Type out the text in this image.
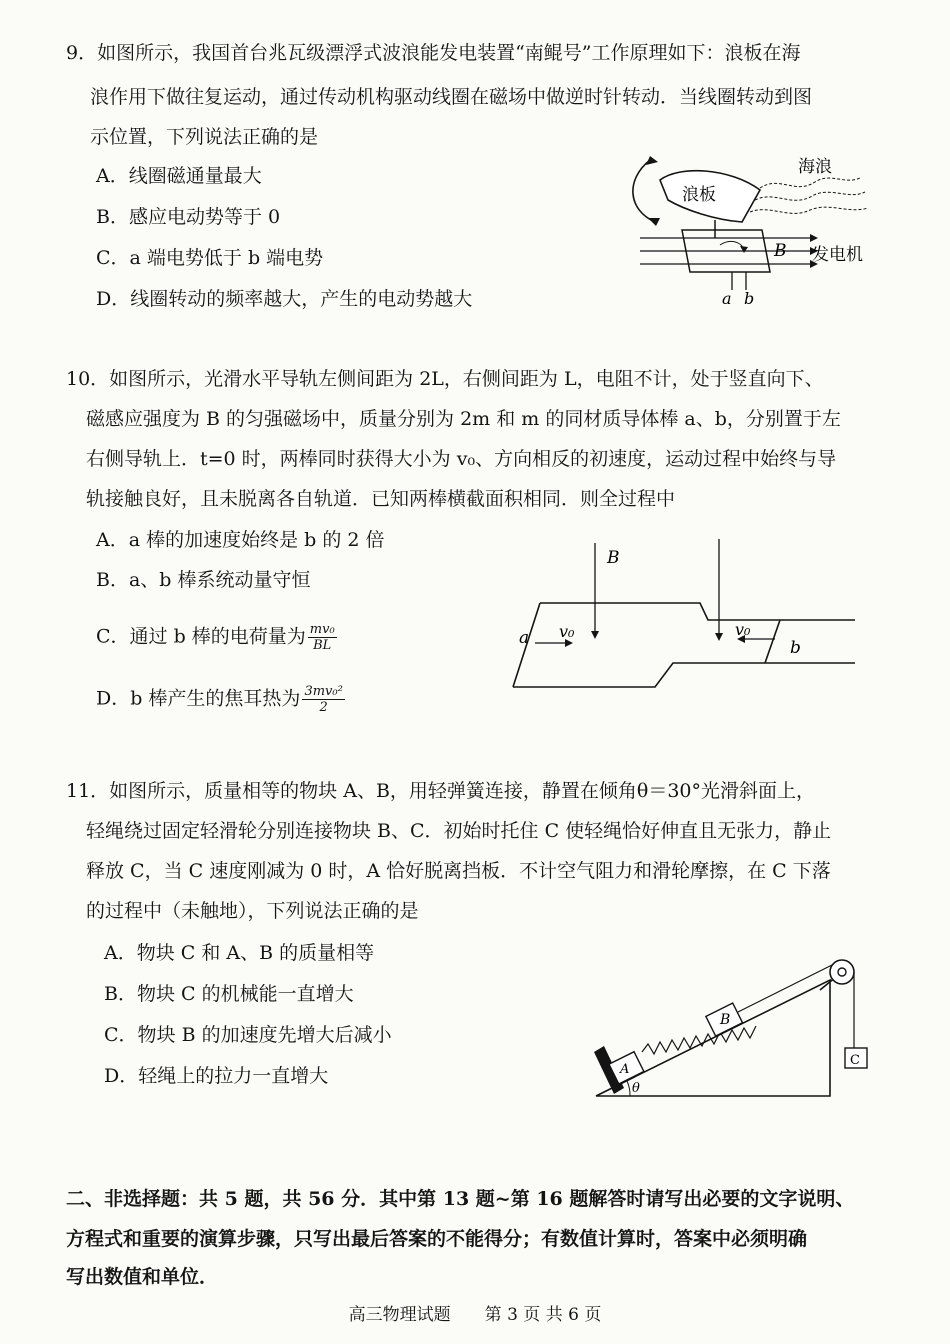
9．如图所示，我国首台兆瓦级漂浮式波浪能发电装置“南鲲号”工作原理如下：浪板在海
浪作用下做往复运动，通过传动机构驱动线圈在磁场中做逆时针转动．当线圈转动到图
示位置，下列说法正确的是
A．线圈磁通量最大
B．感应电动势等于 0
C．a 端电势低于 b 端电势
D．线圈转动的频率越大，产生的电动势越大
浪板
海浪
B 发电机
a b
10．如图所示，光滑水平导轨左侧间距为 2L，右侧间距为 L，电阻不计，处于竖直向下、
磁感应强度为 B 的匀强磁场中，质量分别为 2m 和 m 的同材质导体棒 a、b，分别置于左
右侧导轨上．t=0 时，两棒同时获得大小为 v₀、方向相反的初速度，运动过程中始终与导
轨接触良好，且未脱离各自轨道．已知两棒横截面积相同．则全过程中
A．a 棒的加速度始终是 b 的 2 倍
B．a、b 棒系统动量守恒
C．通过 b 棒的电荷量为 $\frac{\text{mv₀}}{BL}$
D．b 棒产生的焦耳热为 $\frac{\text{3mv₀²}}{2}$
a v₀
b
v₀
B
11．如图所示，质量相等的物块 A、B，用轻弹簧连接，静置在倾角θ＝30°光滑斜面上，
轻绳绕过固定轻滑轮分别连接物块 B、C．初始时托住 C 使轻绳恰好伸直且无张力，静止
释放 C，当 C 速度刚减为 0 时，A 恰好脱离挡板．不计空气阻力和滑轮摩擦，在 C 下落
的过程中（未触地），下列说法正确的是
A．物块 C 和 A、B 的质量相等
B．物块 C 的机械能一直增大
C．物块 B 的加速度先增大后减小
D．轻绳上的拉力一直增大	A
B
C
θ
二、非选择题：共 5 题，共 56 分．其中第 13 题~第 16 题解答时请写出必要的文字说明、
方程式和重要的演算步骤，只写出最后答案的不能得分；有数值计算时，答案中必须明确
写出数值和单位．
高三物理试题　　第 3 页 共 6 页
